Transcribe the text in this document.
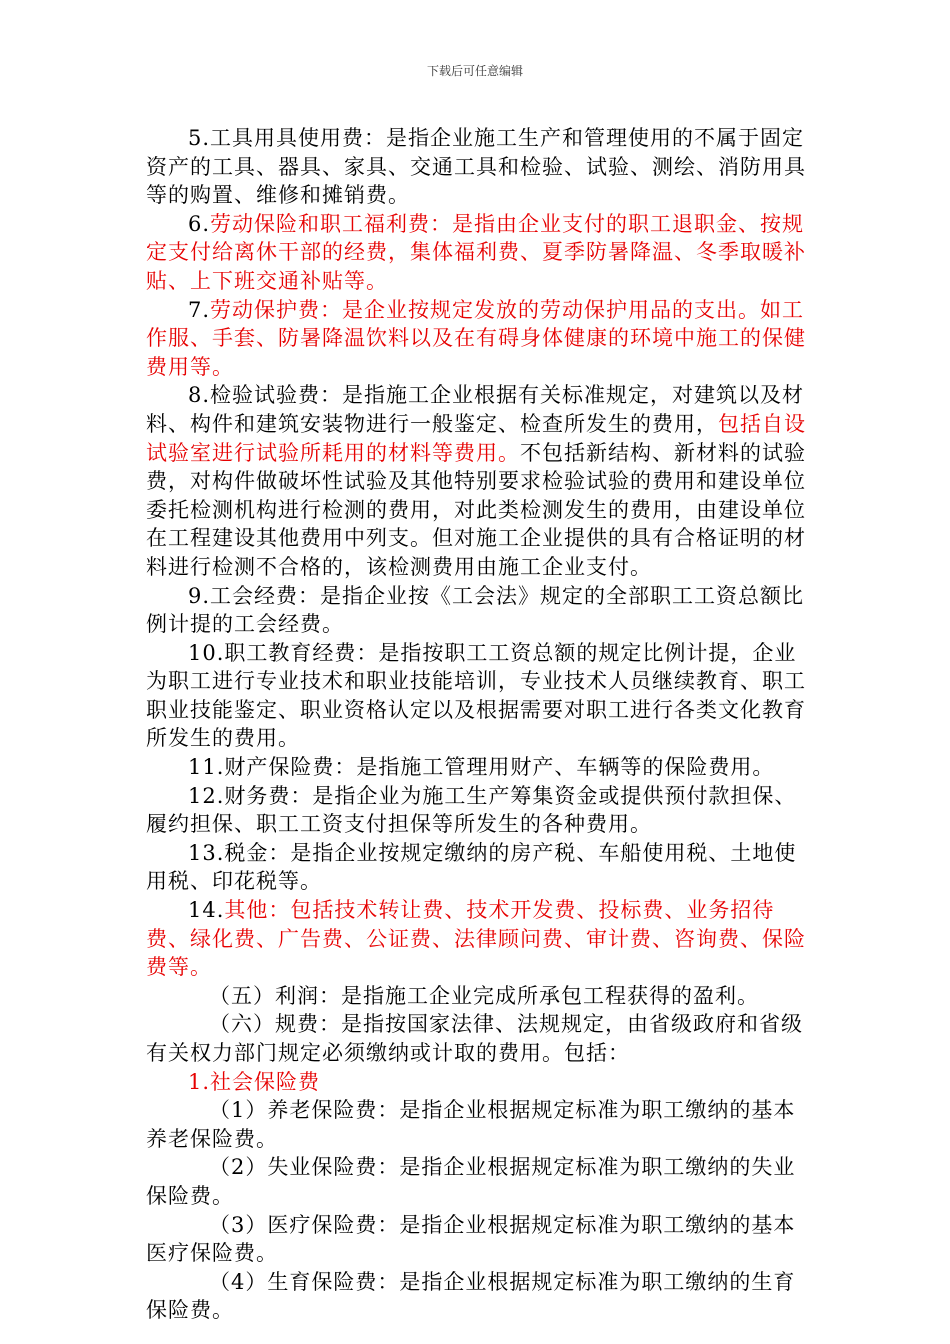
下载后可任意编辑

5.工具用具使用费：是指企业施工生产和管理使用的不属于固定资产的工具、器具、家具、交通工具和检验、试验、测绘、消防用具等的购置、维修和摊销费。

6.劳动保险和职工福利费：是指由企业支付的职工退职金、按规定支付给离休干部的经费，集体福利费、夏季防暑降温、冬季取暖补贴、上下班交通补贴等。

7.劳动保护费：是企业按规定发放的劳动保护用品的支出。如工作服、手套、防暑降温饮料以及在有碍身体健康的环境中施工的保健费用等。

8.检验试验费：是指施工企业根据有关标准规定，对建筑以及材料、构件和建筑安装物进行一般鉴定、检查所发生的费用，包括自设试验室进行试验所耗用的材料等费用。不包括新结构、新材料的试验费，对构件做破坏性试验及其他特别要求检验试验的费用和建设单位委托检测机构进行检测的费用，对此类检测发生的费用，由建设单位在工程建设其他费用中列支。但对施工企业提供的具有合格证明的材料进行检测不合格的，该检测费用由施工企业支付。

9.工会经费：是指企业按《工会法》规定的全部职工工资总额比例计提的工会经费。

10.职工教育经费：是指按职工工资总额的规定比例计提，企业为职工进行专业技术和职业技能培训，专业技术人员继续教育、职工职业技能鉴定、职业资格认定以及根据需要对职工进行各类文化教育所发生的费用。

11.财产保险费：是指施工管理用财产、车辆等的保险费用。

12.财务费：是指企业为施工生产筹集资金或提供预付款担保、履约担保、职工工资支付担保等所发生的各种费用。

13.税金：是指企业按规定缴纳的房产税、车船使用税、土地使用税、印花税等。

14.其他：包括技术转让费、技术开发费、投标费、业务招待费、绿化费、广告费、公证费、法律顾问费、审计费、咨询费、保险费等。

（五）利润：是指施工企业完成所承包工程获得的盈利。

（六）规费：是指按国家法律、法规规定，由省级政府和省级有关权力部门规定必须缴纳或计取的费用。包括：

1.社会保险费

（1）养老保险费：是指企业根据规定标准为职工缴纳的基本养老保险费。

（2）失业保险费：是指企业根据规定标准为职工缴纳的失业保险费。

（3）医疗保险费：是指企业根据规定标准为职工缴纳的基本医疗保险费。

（4）生育保险费：是指企业根据规定标准为职工缴纳的生育保险费。
